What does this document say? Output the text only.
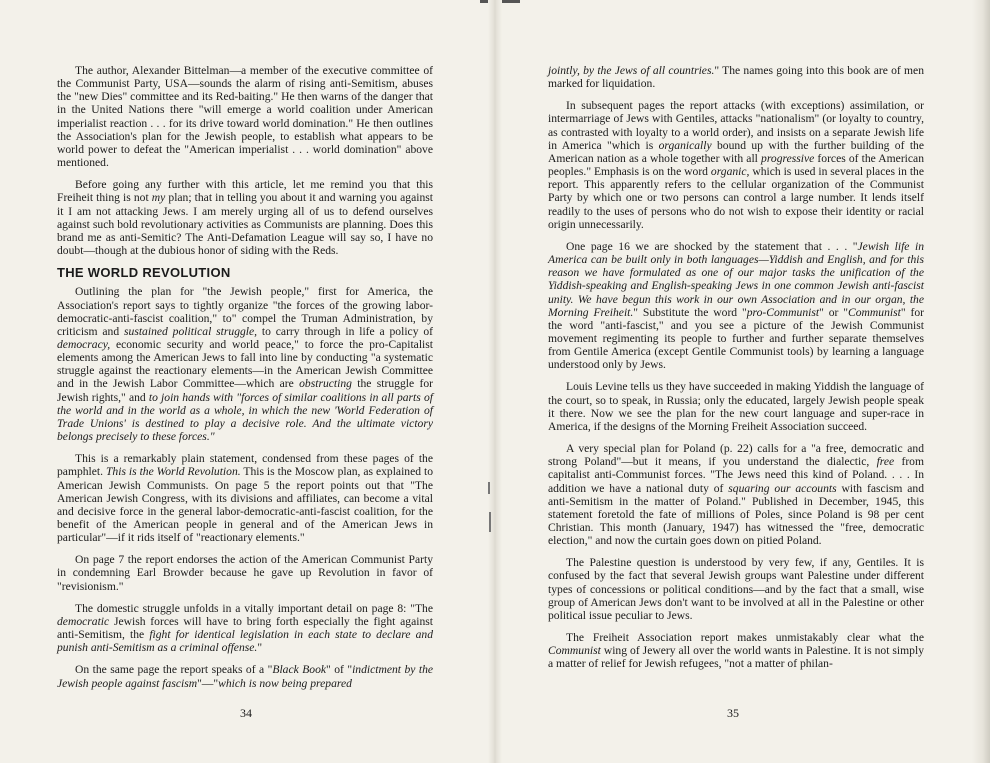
The author, Alexander Bittelman—a member of the executive committee of the Communist Party, USA—sounds the alarm of rising anti-Semitism, abuses the "new Dies" committee and its Red-baiting." He then warns of the danger that in the United Nations there "will emerge a world coalition under American imperialist reaction . . . for its drive toward world domination." He then outlines the Association's plan for the Jewish people, to establish what appears to be world power to defeat the "American imperialist . . . world domination" above mentioned.

Before going any further with this article, let me remind you that this Freiheit thing is not my plan; that in telling you about it and warning you against it I am not attacking Jews. I am merely urging all of us to defend ourselves against such bold revolutionary activities as Communists are planning. Does this brand me as anti-Semitic? The Anti-Defamation League will say so, I have no doubt—though at the dubious honor of siding with the Reds.

THE WORLD REVOLUTION

Outlining the plan for "the Jewish people," first for America, the Association's report says to tightly organize "the forces of the growing labor-democratic-anti-fascist coalition," to" compel the Truman Administration, by criticism and sustained political struggle, to carry through in life a policy of democracy, economic security and world peace," to force the pro-Capitalist elements among the American Jews to fall into line by conducting "a systematic struggle against the reactionary elements—in the American Jewish Committee and in the Jewish Labor Committee—which are obstructing the struggle for Jewish rights," and to join hands with "forces of similar coalitions in all parts of the world and in the world as a whole, in which the new 'World Federation of Trade Unions' is destined to play a decisive role. And the ultimate victory belongs precisely to these forces."

This is a remarkably plain statement, condensed from these pages of the pamphlet. This is the World Revolution. This is the Moscow plan, as explained to American Jewish Communists. On page 5 the report points out that "The American Jewish Congress, with its divisions and affiliates, can become a vital and decisive force in the general labor-democratic-anti-fascist coalition, for the benefit of the American people in general and of the American Jews in particular"—if it rids itself of "reactionary elements."

On page 7 the report endorses the action of the American Communist Party in condemning Earl Browder because he gave up Revolution in favor of "revisionism."

The domestic struggle unfolds in a vitally important detail on page 8: "The democratic Jewish forces will have to bring forth especially the fight against anti-Semitism, the fight for identical legislation in each state to declare and punish anti-Semitism as a criminal offense."

On the same page the report speaks of a "Black Book" of "indictment by the Jewish people against fascism"—"which is now being prepared

34

jointly, by the Jews of all countries." The names going into this book are of men marked for liquidation.

In subsequent pages the report attacks (with exceptions) assimilation, or intermarriage of Jews with Gentiles, attacks "nationalism" (or loyalty to country, as contrasted with loyalty to a world order), and insists on a separate Jewish life in America "which is organically bound up with the further building of the American nation as a whole together with all progressive forces of the American peoples." Emphasis is on the word organic, which is used in several places in the report. This apparently refers to the cellular organization of the Communist Party by which one or two persons can control a large number. It lends itself readily to the uses of persons who do not wish to expose their identity or racial origin unnecessarily.

One page 16 we are shocked by the statement that . . . "Jewish life in America can be built only in both languages—Yiddish and English, and for this reason we have formulated as one of our major tasks the unification of the Yiddish-speaking and English-speaking Jews in one common Jewish anti-fascist unity. We have begun this work in our own Association and in our organ, the Morning Freiheit." Substitute the word "pro-Communist" or "Communist" for the word "anti-fascist," and you see a picture of the Jewish Communist movement regimenting its people to further and further separate themselves from Gentile America (except Gentile Communist tools) by learning a language understood only by Jews.

Louis Levine tells us they have succeeded in making Yiddish the language of the court, so to speak, in Russia; only the educated, largely Jewish people speak it there. Now we see the plan for the new court language and super-race in America, if the designs of the Morning Freiheit Association succeed.

A very special plan for Poland (p. 22) calls for a "a free, democratic and strong Poland"—but it means, if you understand the dialectic, free from capitalist anti-Communist forces. "The Jews need this kind of Poland. . . . In addition we have a national duty of squaring our accounts with fascism and anti-Semitism in the matter of Poland." Published in December, 1945, this statement foretold the fate of millions of Poles, since Poland is 98 per cent Christian. This month (January, 1947) has witnessed the "free, democratic election," and now the curtain goes down on pitied Poland.

The Palestine question is understood by very few, if any, Gentiles. It is confused by the fact that several Jewish groups want Palestine under different types of concessions or political conditions—and by the fact that a small, wise group of American Jews don't want to be involved at all in the Palestine or other political issue peculiar to Jews.

The Freiheit Association report makes unmistakably clear what the Communist wing of Jewery all over the world wants in Palestine. It is not simply a matter of relief for Jewish refugees, "not a matter of philan-

35
